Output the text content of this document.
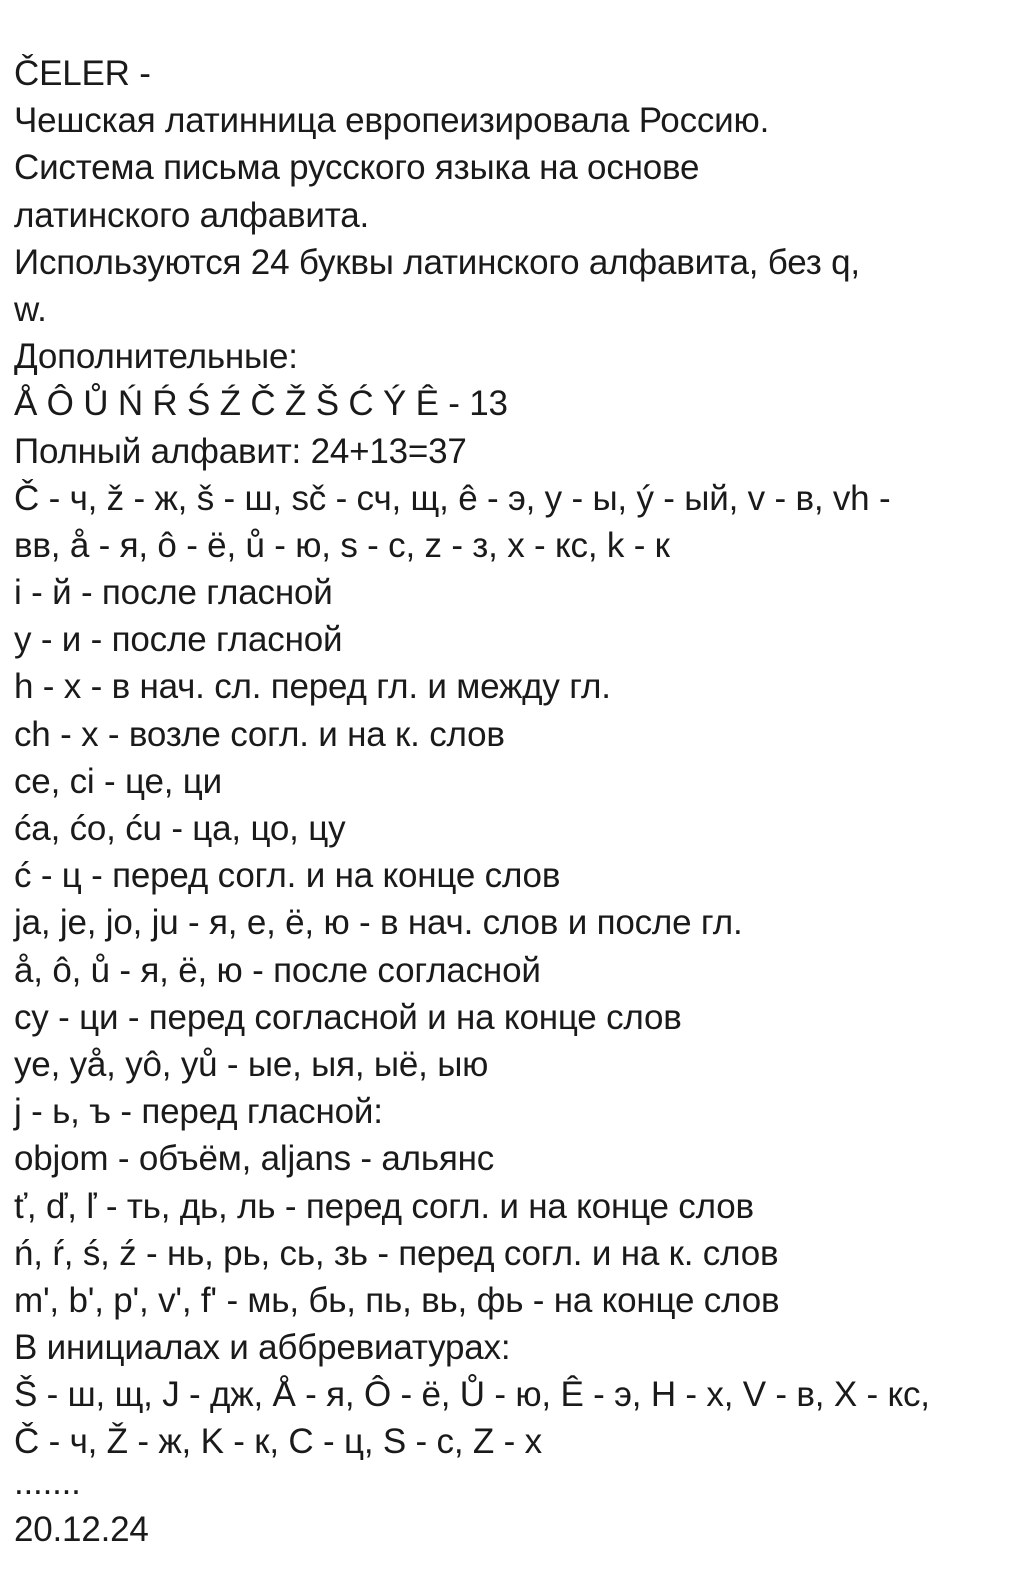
ČELER -
Чешская латинница европеизировала Россию.
Система письма русского языка на основе
латинского алфавита.
Используются 24 буквы латинского алфавита, без q,
w.
Дополнительные:
Å Ô Ů Ń Ŕ Ś Ź Č Ž Š Ć Ý Ê - 13
Полный алфавит: 24+13=37
Č - ч, ž - ж, š - ш, sč - сч, щ, ê - э, y - ы, ý - ый, v - в, vh -
вв, å - я, ô - ё, ů - ю, s - с, z - з, x - кс, k - к
i - й - после гласной
y - и - после гласной
h - х - в нач. сл. перед гл. и между гл.
ch - х - возле согл. и на к. слов
ce, ci - це, ци
ća, ćo, ću - ца, цо, цу
ć - ц - перед согл. и на конце слов
ja, je, jo, ju - я, е, ё, ю - в нач. слов и после гл.
å, ô, ů - я, ё, ю - после согласной
cy - ци - перед согласной и на конце слов
ye, yå, yô, yů - ые, ыя, ыё, ыю
j - ь, ъ - перед гласной:
objom - объём, aljans - альянс
ť, ď, ľ - ть, дь, ль - перед согл. и на конце слов
ń, ŕ, ś, ź - нь, рь, сь, зь - перед согл. и на к. слов
m', b', p', v', f' - мь, бь, пь, вь, фь - на конце слов
В инициалах и аббревиатурах:
Š - ш, щ, J - дж, Å - я, Ô - ё, Ů - ю, Ê - э, H - х, V - в, X - кс,
Č - ч, Ž - ж, K - к, C - ц, S - с, Z - х
.......
20.12.24
